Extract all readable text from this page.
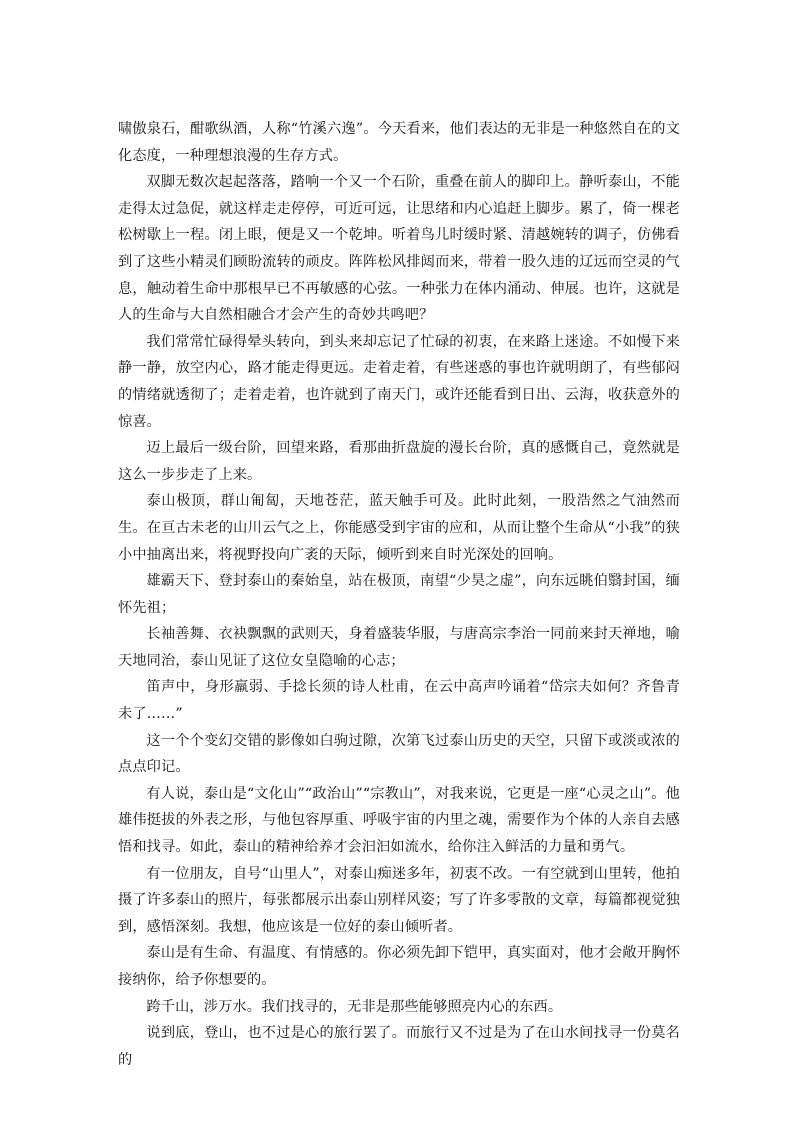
啸傲泉石，酣歌纵酒，人称“竹溪六逸”。今天看来，他们表达的无非是一种悠然自在的文化态度，一种理想浪漫的生存方式。

双脚无数次起起落落，踏响一个又一个石阶，重叠在前人的脚印上。静听泰山，不能走得太过急促，就这样走走停停，可近可远，让思绪和内心追赶上脚步。累了，倚一棵老松树歇上一程。闭上眼，便是又一个乾坤。听着鸟儿时缓时紧、清越婉转的调子，仿佛看到了这些小精灵们顾盼流转的顽皮。阵阵松风排闼而来，带着一股久违的辽远而空灵的气息，触动着生命中那根早已不再敏感的心弦。一种张力在体内涌动、伸展。也许，这就是人的生命与大自然相融合才会产生的奇妙共鸣吧？

我们常常忙碌得晕头转向，到头来却忘记了忙碌的初衷，在来路上迷途。不如慢下来静一静，放空内心，路才能走得更远。走着走着，有些迷惑的事也许就明朗了，有些郁闷的情绪就透彻了；走着走着，也许就到了南天门，或许还能看到日出、云海，收获意外的惊喜。

迈上最后一级台阶，回望来路，看那曲折盘旋的漫长台阶，真的感慨自己，竟然就是这么一步步走了上来。

泰山极顶，群山匍匐，天地苍茫，蓝天触手可及。此时此刻，一股浩然之气油然而生。在亘古未老的山川云气之上，你能感受到宇宙的应和，从而让整个生命从“小我”的狭小中抽离出来，将视野投向广袤的天际，倾听到来自时光深处的回响。

雄霸天下、登封泰山的秦始皇，站在极顶，南望“少昊之虚”，向东远眺伯翳封国，缅怀先祖；

长袖善舞、衣袂飘飘的武则天，身着盛装华服，与唐高宗李治一同前来封天禅地，喻天地同治，泰山见证了这位女皇隐喻的心志；

笛声中，身形羸弱、手捻长须的诗人杜甫，在云中高声吟诵着“岱宗夫如何？齐鲁青未了……”

这一个个变幻交错的影像如白驹过隙，次第飞过泰山历史的天空，只留下或淡或浓的点点印记。

有人说，泰山是“文化山”“政治山”“宗教山”，对我来说，它更是一座“心灵之山”。他雄伟挺拔的外表之形，与他包容厚重、呼吸宇宙的内里之魂，需要作为个体的人亲自去感悟和找寻。如此，泰山的精神给养才会汩汩如流水，给你注入鲜活的力量和勇气。

有一位朋友，自号“山里人”，对泰山痴迷多年，初衷不改。一有空就到山里转，他拍摄了许多泰山的照片，每张都展示出泰山别样风姿；写了许多零散的文章，每篇都视觉独到，感悟深刻。我想，他应该是一位好的泰山倾听者。

泰山是有生命、有温度、有情感的。你必须先卸下铠甲，真实面对，他才会敞开胸怀接纳你，给予你想要的。

跨千山，涉万水。我们找寻的，无非是那些能够照亮内心的东西。

说到底，登山，也不过是心的旅行罢了。而旅行又不过是为了在山水间找寻一份莫名的
